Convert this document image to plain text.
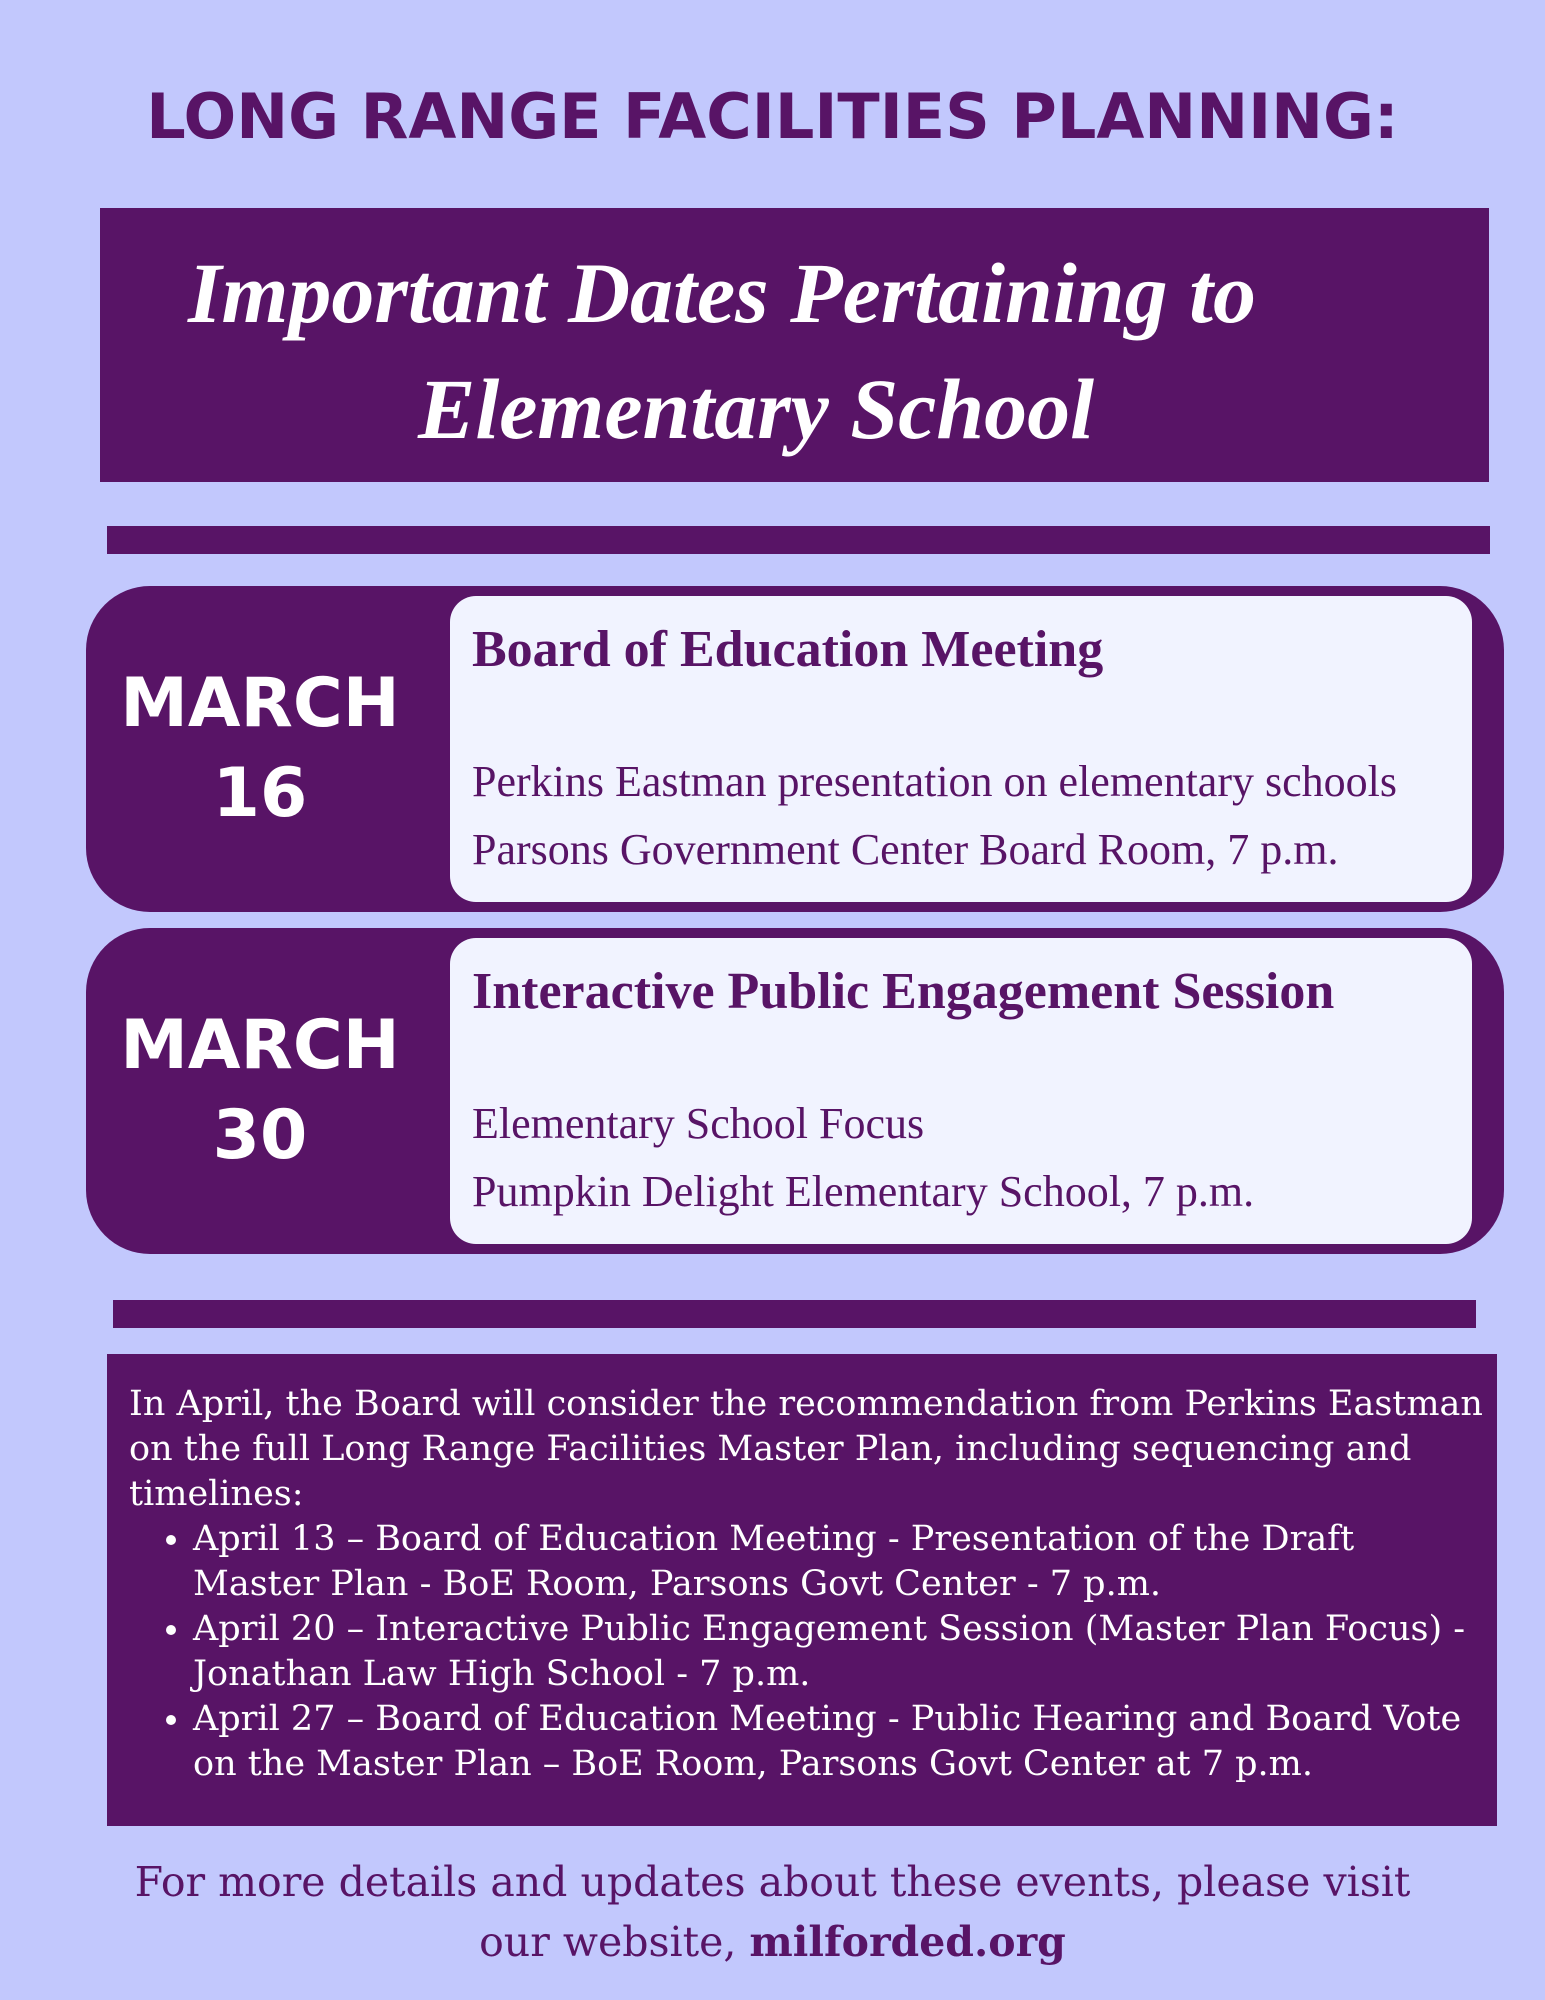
LONG RANGE FACILITIES PLANNING:
Important Dates Pertaining to
Elementary School
MARCH
16
Board of Education Meeting
Perkins Eastman presentation on elementary schools
Parsons Government Center Board Room, 7 p.m.
MARCH
30
Interactive Public Engagement Session
Elementary School Focus
Pumpkin Delight Elementary School, 7 p.m.

In April, the Board will consider the recommendation from Perkins Eastman on the full Long Range Facilities Master Plan, including sequencing and timelines:

• April 13 – Board of Education Meeting - Presentation of the Draft Master Plan - BoE Room, Parsons Govt Center - 7 p.m.
• April 20 – Interactive Public Engagement Session (Master Plan Focus) - Jonathan Law High School - 7 p.m.
• April 27 – Board of Education Meeting - Public Hearing and Board Vote on the Master Plan – BoE Room, Parsons Govt Center at 7 p.m.
For more details and updates about these events, please visit
our website, milforded.org
